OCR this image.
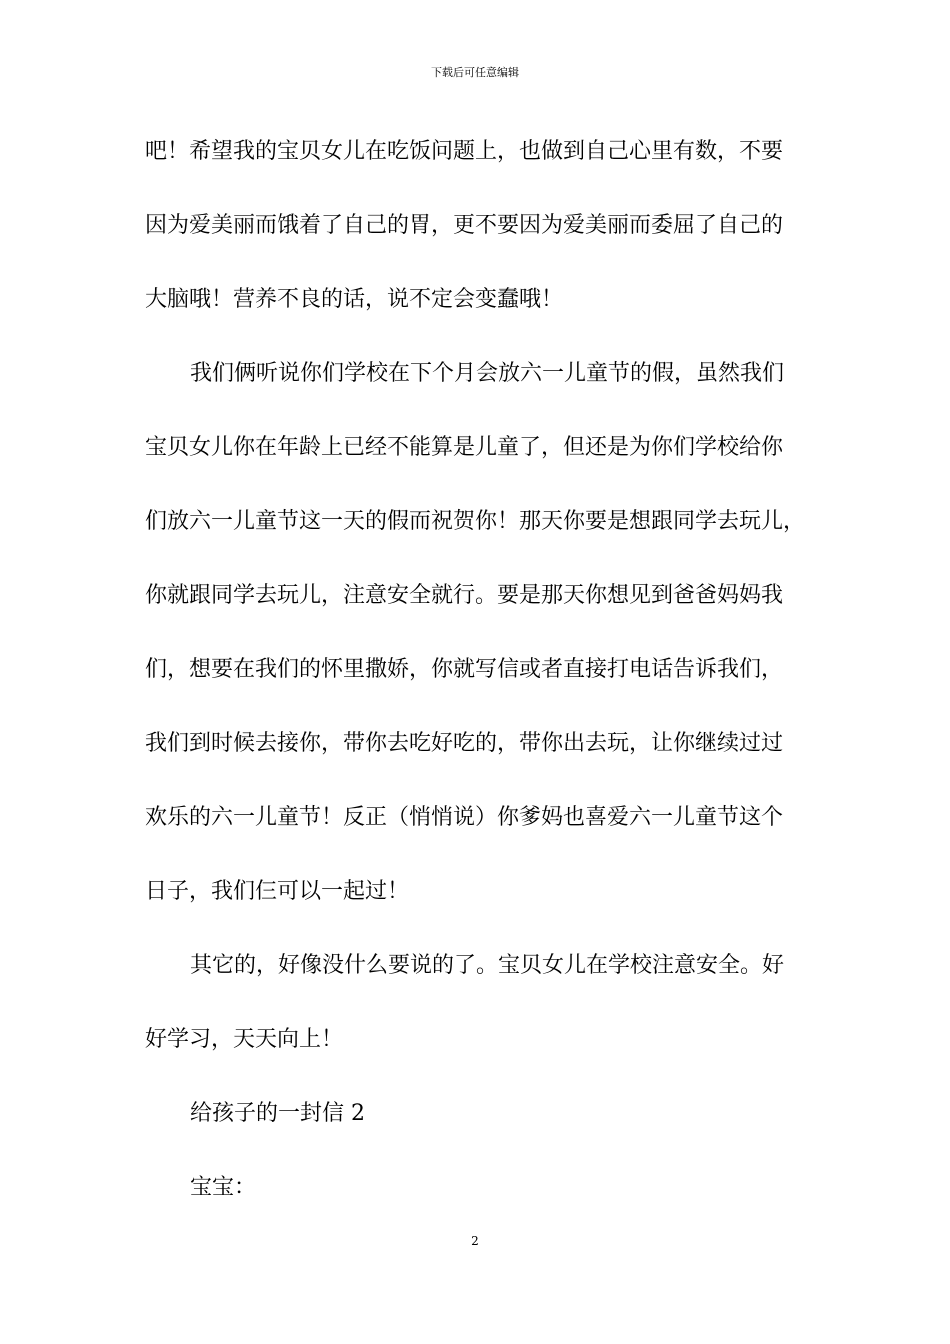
下载后可任意编辑
吧！希望我的宝贝女儿在吃饭问题上，也做到自己心里有数，不要
因为爱美丽而饿着了自己的胃，更不要因为爱美丽而委屈了自己的
大脑哦！营养不良的话，说不定会变蠢哦！
我们俩听说你们学校在下个月会放六一儿童节的假，虽然我们
宝贝女儿你在年龄上已经不能算是儿童了，但还是为你们学校给你
们放六一儿童节这一天的假而祝贺你！那天你要是想跟同学去玩儿，
你就跟同学去玩儿，注意安全就行。要是那天你想见到爸爸妈妈我
们，想要在我们的怀里撒娇，你就写信或者直接打电话告诉我们，
我们到时候去接你，带你去吃好吃的，带你出去玩，让你继续过过
欢乐的六一儿童节！反正（悄悄说）你爹妈也喜爱六一儿童节这个
日子，我们仨可以一起过！
其它的，好像没什么要说的了。宝贝女儿在学校注意安全。好
好学习，天天向上！
给孩子的一封信 2
宝宝：
2
